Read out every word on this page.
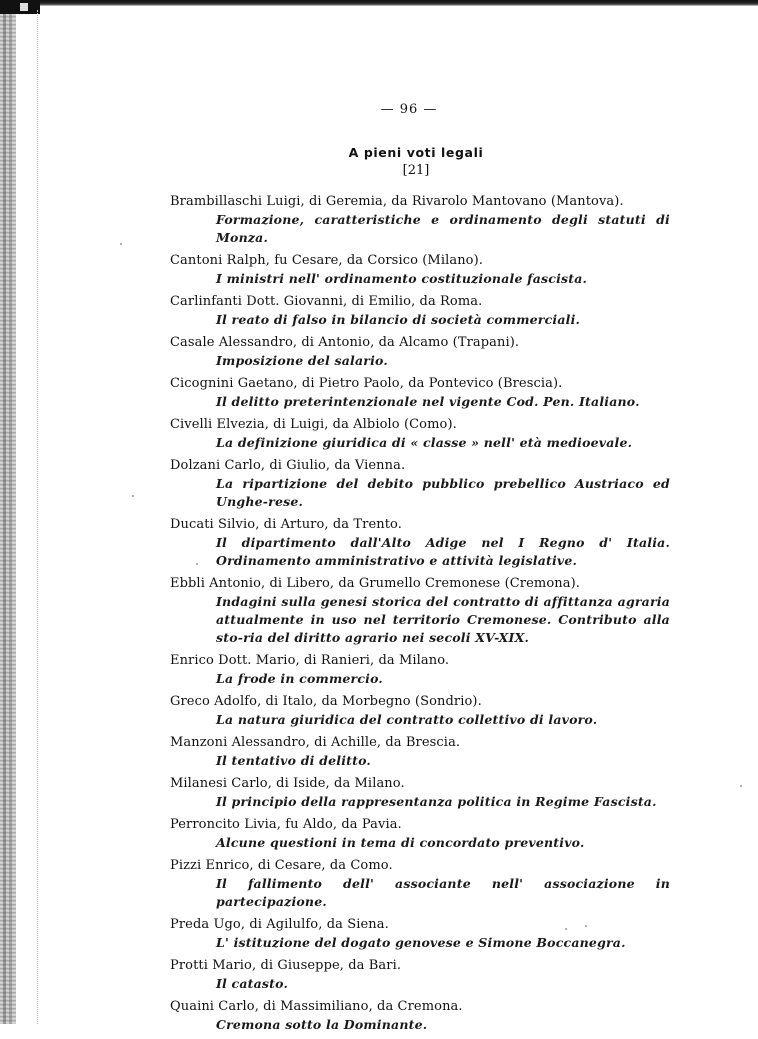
— 96 —
A pieni voti legali
[21]
Brambillaschi Luigi, di Geremia, da Rivarolo Mantovano (Mantova).
Formazione, caratteristiche e ordinamento degli statuti di Monza.
Cantoni Ralph, fu Cesare, da Corsico (Milano).
I ministri nell' ordinamento costituzionale fascista.
Carlinfanti Dott. Giovanni, di Emilio, da Roma.
Il reato di falso in bilancio di società commerciali.
Casale Alessandro, di Antonio, da Alcamo (Trapani).
Imposizione del salario.
Cicognini Gaetano, di Pietro Paolo, da Pontevico (Brescia).
Il delitto preterintenzionale nel vigente Cod. Pen. Italiano.
Civelli Elvezia, di Luigi, da Albiolo (Como).
La definizione giuridica di « classe » nell' età medioevale.
Dolzani Carlo, di Giulio, da Vienna.
La ripartizione del debito pubblico prebellico Austriaco ed Unghe-rese.
Ducati Silvio, di Arturo, da Trento.
Il dipartimento dall'Alto Adige nel I Regno d' Italia. Ordinamento amministrativo e attività legislative.
Ebbli Antonio, di Libero, da Grumello Cremonese (Cremona).
Indagini sulla genesi storica del contratto di affittanza agraria attualmente in uso nel territorio Cremonese. Contributo alla sto-ria del diritto agrario nei secoli XV-XIX.
Enrico Dott. Mario, di Ranieri, da Milano.
La frode in commercio.
Greco Adolfo, di Italo, da Morbegno (Sondrio).
La natura giuridica del contratto collettivo di lavoro.
Manzoni Alessandro, di Achille, da Brescia.
Il tentativo di delitto.
Milanesi Carlo, di Iside, da Milano.
Il principio della rappresentanza politica in Regime Fascista.
Perroncito Livia, fu Aldo, da Pavia.
Alcune questioni in tema di concordato preventivo.
Pizzi Enrico, di Cesare, da Como.
Il fallimento dell' associante nell' associazione in partecipazione.
Preda Ugo, di Agilulfo, da Siena.
L' istituzione del dogato genovese e Simone Boccanegra.
Protti Mario, di Giuseppe, da Bari.
Il catasto.
Quaini Carlo, di Massimiliano, da Cremona.
Cremona sotto la Dominante.
